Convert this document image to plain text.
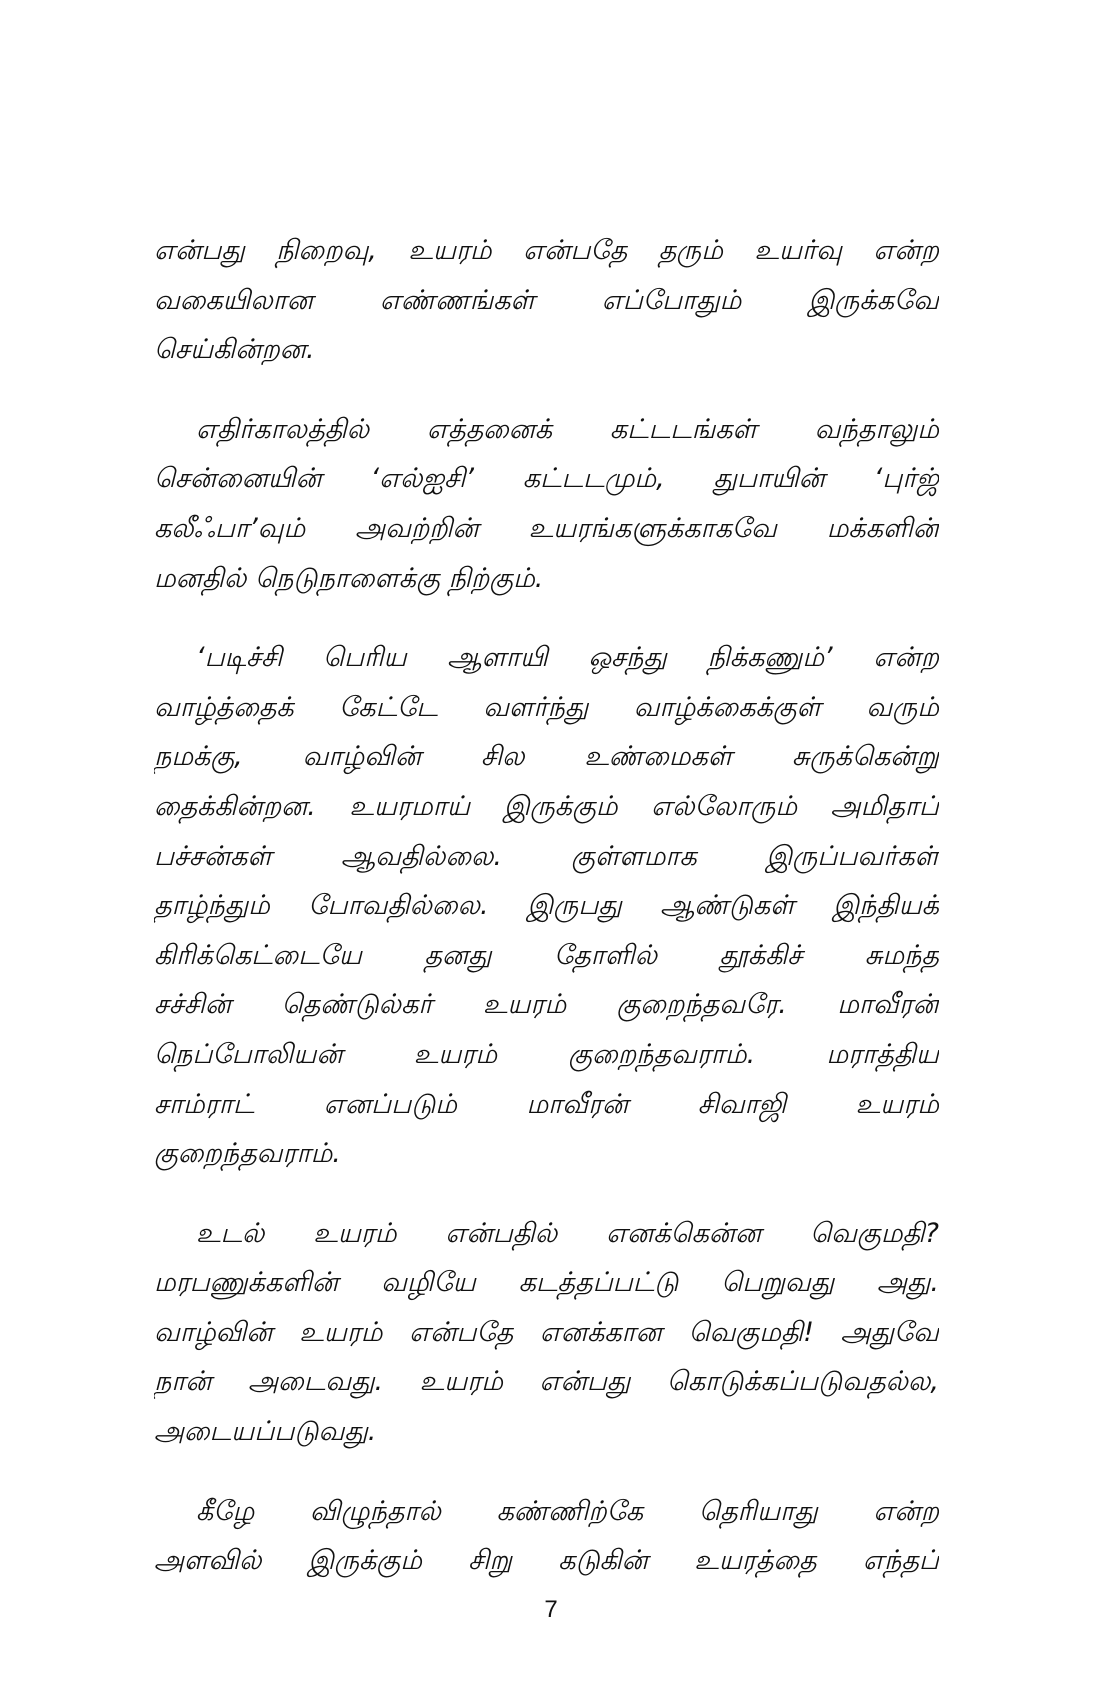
என்பது நிறைவு, உயரம் என்பதே தரும் உயர்வு என்ற
வகையிலான எண்ணங்கள் எப்போதும் இருக்கவே
செய்கின்றன.

எதிர்காலத்தில் எத்தனைக் கட்டடங்கள் வந்தாலும்
சென்னையின் ‘எல்ஐசி’ கட்டடமும், துபாயின் ‘புர்ஜ்
கலீஃபா’வும் அவற்றின் உயரங்களுக்காகவே மக்களின்
மனதில் நெடுநாளைக்கு நிற்கும்.

‘படிச்சி பெரிய ஆளாயி ஒசந்து நிக்கணும்’ என்ற
வாழ்த்தைக் கேட்டே வளர்ந்து வாழ்க்கைக்குள் வரும்
நமக்கு, வாழ்வின் சில உண்மைகள் சுருக்கென்று
தைக்கின்றன. உயரமாய் இருக்கும் எல்லோரும் அமிதாப்
பச்சன்கள் ஆவதில்லை. குள்ளமாக இருப்பவர்கள்
தாழ்ந்தும் போவதில்லை. இருபது ஆண்டுகள் இந்தியக்
கிரிக்கெட்டையே தனது தோளில் தூக்கிச் சுமந்த
சச்சின் தெண்டுல்கர் உயரம் குறைந்தவரே. மாவீரன்
நெப்போலியன் உயரம் குறைந்தவராம். மராத்திய
சாம்ராட் எனப்படும் மாவீரன் சிவாஜி உயரம்
குறைந்தவராம்.

உடல் உயரம் என்பதில் எனக்கென்ன வெகுமதி?
மரபணுக்களின் வழியே கடத்தப்பட்டு பெறுவது அது.
வாழ்வின் உயரம் என்பதே எனக்கான வெகுமதி! அதுவே
நான் அடைவது. உயரம் என்பது கொடுக்கப்படுவதல்ல,
அடையப்படுவது.

கீழே விழுந்தால் கண்ணிற்கே தெரியாது என்ற
அளவில் இருக்கும் சிறு கடுகின் உயரத்தை எந்தப்

7
